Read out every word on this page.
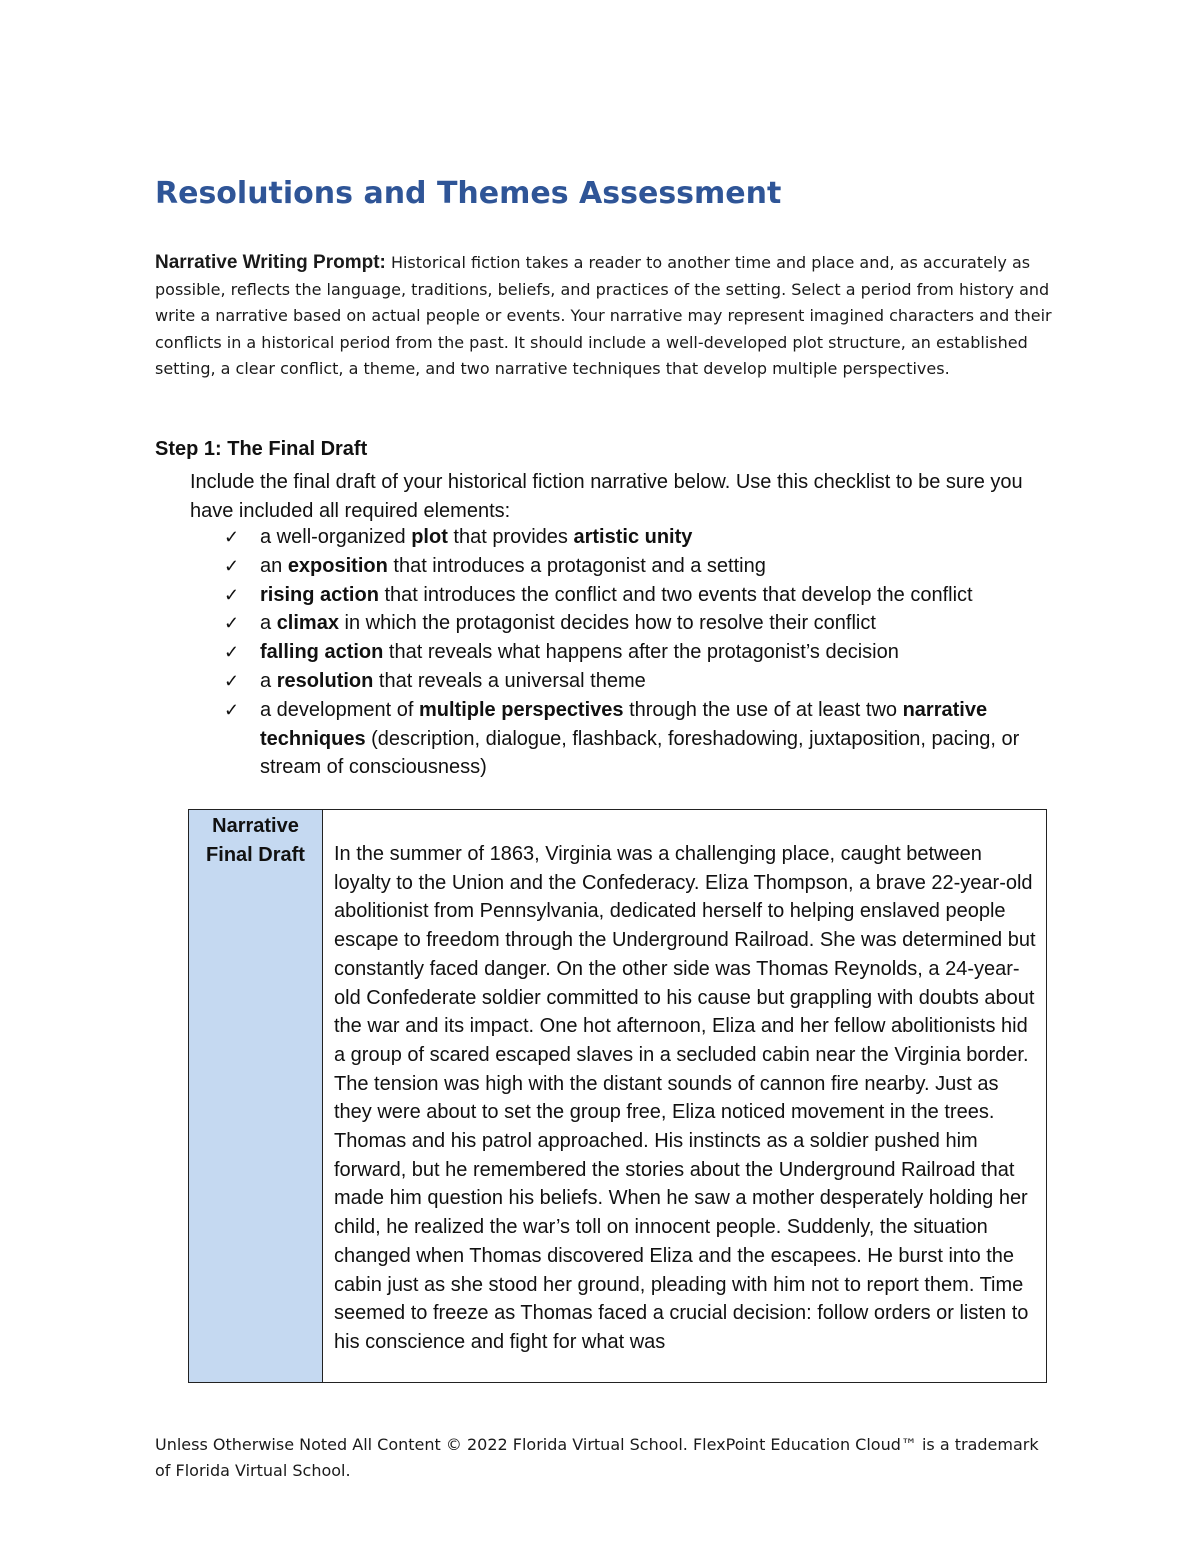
Resolutions and Themes Assessment

Narrative Writing Prompt: Historical fiction takes a reader to another time and place and, as accurately as possible, reflects the language, traditions, beliefs, and practices of the setting. Select a period from history and write a narrative based on actual people or events. Your narrative may represent imagined characters and their conflicts in a historical period from the past. It should include a well-developed plot structure, an established setting, a clear conflict, a theme, and two narrative techniques that develop multiple perspectives.

Step 1: The Final Draft

Include the final draft of your historical fiction narrative below. Use this checklist to be sure you have included all required elements:

✓ a well-organized plot that provides artistic unity
✓ an exposition that introduces a protagonist and a setting
✓ rising action that introduces the conflict and two events that develop the conflict
✓ a climax in which the protagonist decides how to resolve their conflict
✓ falling action that reveals what happens after the protagonist’s decision
✓ a resolution that reveals a universal theme
✓ a development of multiple perspectives through the use of at least two narrative techniques (description, dialogue, flashback, foreshadowing, juxtaposition, pacing, or stream of consciousness)
Narrative Final Draft	In the summer of 1863, Virginia was a challenging place, caught between loyalty to the Union and the Confederacy. Eliza Thompson, a brave 22-year-old abolitionist from Pennsylvania, dedicated herself to helping enslaved people escape to freedom through the Underground Railroad. She was determined but constantly faced danger. On the other side was Thomas Reynolds, a 24-year-old Confederate soldier committed to his cause but grappling with doubts about the war and its impact. One hot afternoon, Eliza and her fellow abolitionists hid a group of scared escaped slaves in a secluded cabin near the Virginia border. The tension was high with the distant sounds of cannon fire nearby. Just as they were about to set the group free, Eliza noticed movement in the trees. Thomas and his patrol approached. His instincts as a soldier pushed him forward, but he remembered the stories about the Underground Railroad that made him question his beliefs. When he saw a mother desperately holding her child, he realized the war’s toll on innocent people. Suddenly, the situation changed when Thomas discovered Eliza and the escapees. He burst into the cabin just as she stood her ground, pleading with him not to report them. Time seemed to freeze as Thomas faced a crucial decision: follow orders or listen to his conscience and fight for what was

Unless Otherwise Noted All Content © 2022 Florida Virtual School. FlexPoint Education Cloud™ is a trademark of Florida Virtual School.
